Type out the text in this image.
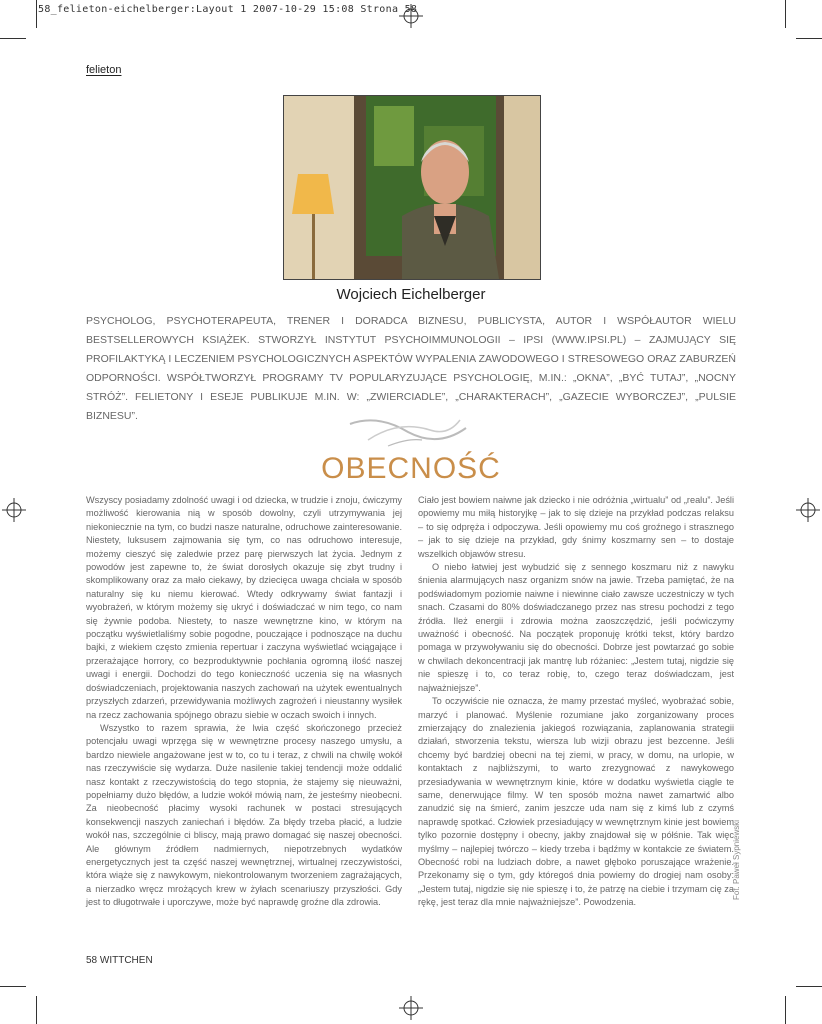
58_felieton-eichelberger:Layout 1 2007-10-29 15:08 Strona 58
felieton
Wojciech Eichelberger
PSYCHOLOG, PSYCHOTERAPEUTA, TRENER I DORADCA BIZNESU, PUBLICYSTA, AUTOR I WSPÓŁAUTOR WIELU BESTSELLEROWYCH KSIĄŻEK. STWORZYŁ INSTYTUT PSYCHOIMMUNOLOGII – IPSI (WWW.IPSI.PL) – ZAJMUJĄCY SIĘ PROFILAKTYKĄ I LECZENIEM PSYCHOLOGICZNYCH ASPEKTÓW WYPALENIA ZAWODOWEGO I STRESOWEGO ORAZ ZABURZEŃ ODPORNOŚCI. WSPÓŁTWORZYŁ PROGRAMY TV POPULARYZUJĄCE PSYCHOLOGIĘ, M.IN.: „OKNA”, „BYĆ TUTAJ”, „NOCNY STRÓŻ”. FELIETONY I ESEJE PUBLIKUJE M.IN. W: „ZWIERCIADLE”, „CHARAKTERACH”, „GAZECIE WYBORCZEJ”, „PULSIE BIZNESU”.
OBECNOŚĆ

Wszyscy posiadamy zdolność uwagi i od dziecka, w trudzie i znoju, ćwiczymy możliwość kierowania nią w sposób dowolny, czyli utrzymywania jej niekoniecznie na tym, co budzi nasze naturalne, odruchowe zainteresowanie. Niestety, luksusem zajmowania się tym, co nas odruchowo interesuje, możemy cieszyć się zaledwie przez parę pierwszych lat życia. Jednym z powodów jest zapewne to, że świat dorosłych okazuje się zbyt trudny i skomplikowany oraz za mało ciekawy, by dziecięca uwaga chciała w sposób naturalny się ku niemu kierować. Wtedy odkrywamy świat fantazji i wyobrażeń, w którym możemy się ukryć i doświadczać w nim tego, co nam się żywnie podoba. Niestety, to nasze wewnętrzne kino, w którym na początku wyświetlaliśmy sobie pogodne, pouczające i podnoszące na duchu bajki, z wiekiem często zmienia repertuar i zaczyna wyświetlać wciągające i przerażające horrory, co bezproduktywnie pochłania ogromną ilość naszej uwagi i energii. Dochodzi do tego konieczność uczenia się na własnych doświadczeniach, projektowania naszych zachowań na użytek ewentualnych przyszłych zdarzeń, przewidywania możliwych zagrożeń i nieustanny wysiłek na rzecz zachowania spójnego obrazu siebie w oczach swoich i innych.

Wszystko to razem sprawia, że lwia część skończonego przecież potencjału uwagi wprzęga się w wewnętrzne procesy naszego umysłu, a bardzo niewiele angażowane jest w to, co tu i teraz, z chwili na chwilę wokół nas rzeczywiście się wydarza. Duże nasilenie takiej tendencji może oddalić nasz kontakt z rzeczywistością do tego stopnia, że stajemy się nieuważni, popełniamy dużo błędów, a ludzie wokół mówią nam, że jesteśmy nieobecni. Za nieobecność płacimy wysoki rachunek w postaci stresujących konsekwencji naszych zaniechań i błędów. Za błędy trzeba płacić, a ludzie wokół nas, szczególnie ci bliscy, mają prawo domagać się naszej obecności. Ale głównym źródłem nadmiernych, niepotrzebnych wydatków energetycznych jest ta część naszej wewnętrznej, wirtualnej rzeczywistości, która wiąże się z nawykowym, niekontrolowanym tworzeniem zagrażających, a nierzadko wręcz mrożących krew w żyłach scenariuszy przyszłości. Gdy jest to długotrwałe i uporczywe, może być naprawdę groźne dla zdrowia.

Ciało jest bowiem naiwne jak dziecko i nie odróżnia „wirtualu” od „realu”. Jeśli opowiemy mu miłą historyjkę – jak to się dzieje na przykład podczas relaksu – to się odpręża i odpoczywa. Jeśli opowiemy mu coś groźnego i strasznego – jak to się dzieje na przykład, gdy śnimy koszmarny sen – to dostaje wszelkich objawów stresu.

O niebo łatwiej jest wybudzić się z sennego koszmaru niż z nawyku śnienia alarmujących nasz organizm snów na jawie. Trzeba pamiętać, że na podświadomym poziomie naiwne i niewinne ciało zawsze uczestniczy w tych snach. Czasami do 80% doświadczanego przez nas stresu pochodzi z tego źródła. Ileż energii i zdrowia można zaoszczędzić, jeśli poćwiczymy uważność i obecność. Na początek proponuję krótki tekst, który bardzo pomaga w przywoływaniu się do obecności. Dobrze jest powtarzać go sobie w chwilach dekoncentracji jak mantrę lub różaniec: „Jestem tutaj, nigdzie się nie spieszę i to, co teraz robię, to, czego teraz doświadczam, jest najważniejsze”.

To oczywiście nie oznacza, że mamy przestać myśleć, wyobrażać sobie, marzyć i planować. Myślenie rozumiane jako zorganizowany proces zmierzający do znalezienia jakiegoś rozwiązania, zaplanowania strategii działań, stworzenia tekstu, wiersza lub wizji obrazu jest bezcenne. Jeśli chcemy być bardziej obecni na tej ziemi, w pracy, w domu, na urlopie, w kontaktach z najbliższymi, to warto zrezygnować z nawykowego przesiadywania w wewnętrznym kinie, które w dodatku wyświetla ciągle te same, denerwujące filmy. W ten sposób można nawet zamartwić albo zanudzić się na śmierć, zanim jeszcze uda nam się z kimś lub z czymś naprawdę spotkać. Człowiek przesiadujący w wewnętrznym kinie jest bowiem tylko pozornie dostępny i obecny, jakby znajdował się w półśnie. Tak więc myślmy – najlepiej twórczo – kiedy trzeba i bądźmy w kontakcie ze światem. Obecność robi na ludziach dobre, a nawet głęboko poruszające wrażenie. Przekonamy się o tym, gdy któregoś dnia powiemy do drogiej nam osoby: „Jestem tutaj, nigdzie się nie spieszę i to, że patrzę na ciebie i trzymam cię za rękę, jest teraz dla mnie najważniejsze”. Powodzenia.

Fot. Paweł Sypniewski
58 WITTCHEN
